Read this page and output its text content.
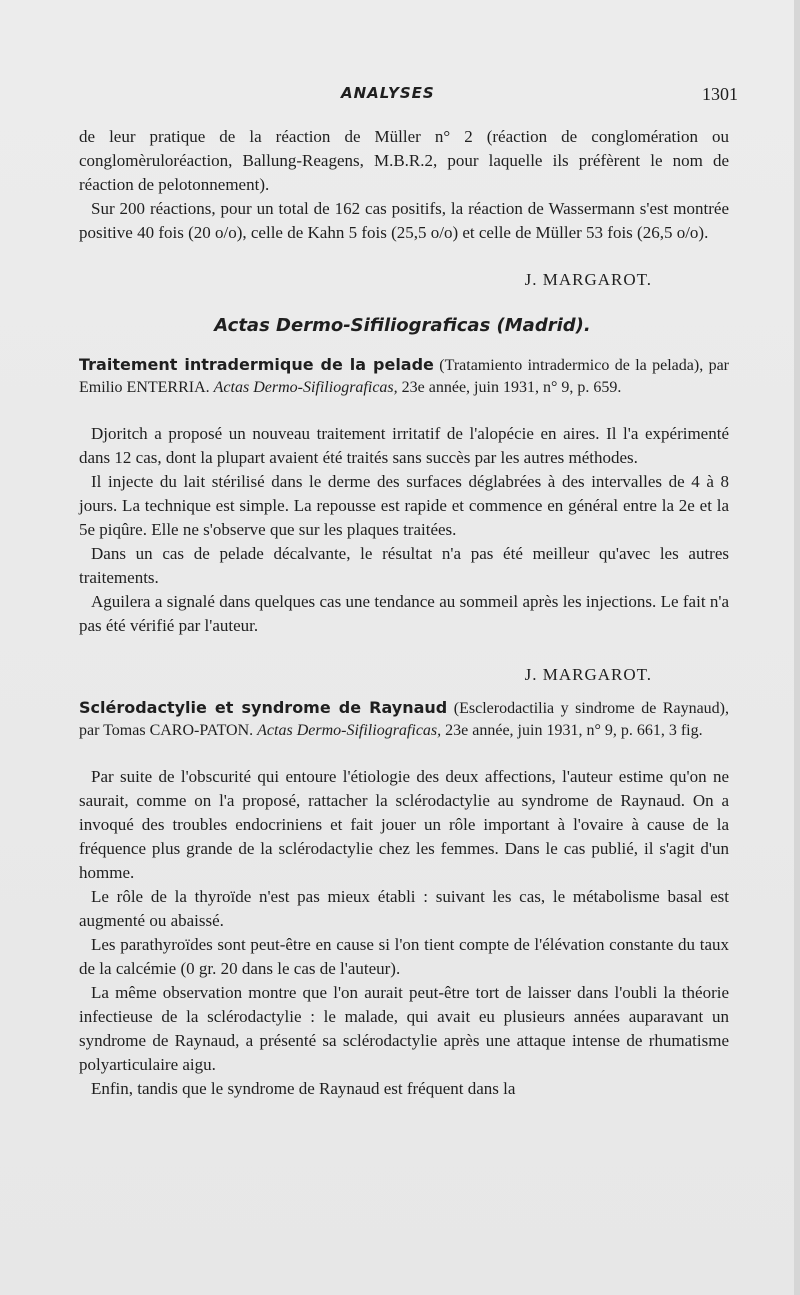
ANALYSES	1301
de leur pratique de la réaction de Müller n° 2 (réaction de conglomération ou conglomèruloréaction, Ballung-Reagens, M.B.R.2, pour laquelle ils préfèrent le nom de réaction de pelotonnement).
Sur 200 réactions, pour un total de 162 cas positifs, la réaction de Wassermann s'est montrée positive 40 fois (20 o/o), celle de Kahn 5 fois (25,5 o/o) et celle de Müller 53 fois (26,5 o/o).
J. MARGAROT.
Actas Dermo-Sifiliograficas (Madrid).
Traitement intradermique de la pelade (Tratamiento intradermico de la pelada), par Emilio ENTERRIA. Actas Dermo-Sifiliograficas, 23e année, juin 1931, n° 9, p. 659.

Djoritch a proposé un nouveau traitement irritatif de l'alopécie en aires. Il l'a expérimenté dans 12 cas, dont la plupart avaient été traités sans succès par les autres méthodes.

Il injecte du lait stérilisé dans le derme des surfaces déglabrées à des intervalles de 4 à 8 jours. La technique est simple. La repousse est rapide et commence en général entre la 2e et la 5e piqûre. Elle ne s'observe que sur les plaques traitées.

Dans un cas de pelade décalvante, le résultat n'a pas été meilleur qu'avec les autres traitements.

Aguilera a signalé dans quelques cas une tendance au sommeil après les injections. Le fait n'a pas été vérifié par l'auteur.

J. MARGAROT.
Sclérodactylie et syndrome de Raynaud (Esclerodactilia y sindrome de Raynaud), par Tomas CARO-PATON. Actas Dermo-Sifiliograficas, 23e année, juin 1931, n° 9, p. 661, 3 fig.

Par suite de l'obscurité qui entoure l'étiologie des deux affections, l'auteur estime qu'on ne saurait, comme on l'a proposé, rattacher la sclérodactylie au syndrome de Raynaud. On a invoqué des troubles endocriniens et fait jouer un rôle important à l'ovaire à cause de la fréquence plus grande de la sclérodactylie chez les femmes. Dans le cas publié, il s'agit d'un homme.

Le rôle de la thyroïde n'est pas mieux établi : suivant les cas, le métabolisme basal est augmenté ou abaissé.

Les parathyroïdes sont peut-être en cause si l'on tient compte de l'élévation constante du taux de la calcémie (0 gr. 20 dans le cas de l'auteur).

La même observation montre que l'on aurait peut-être tort de laisser dans l'oubli la théorie infectieuse de la sclérodactylie : le malade, qui avait eu plusieurs années auparavant un syndrome de Raynaud, a présenté sa sclérodactylie après une attaque intense de rhumatisme polyarticulaire aigu.

Enfin, tandis que le syndrome de Raynaud est fréquent dans la
